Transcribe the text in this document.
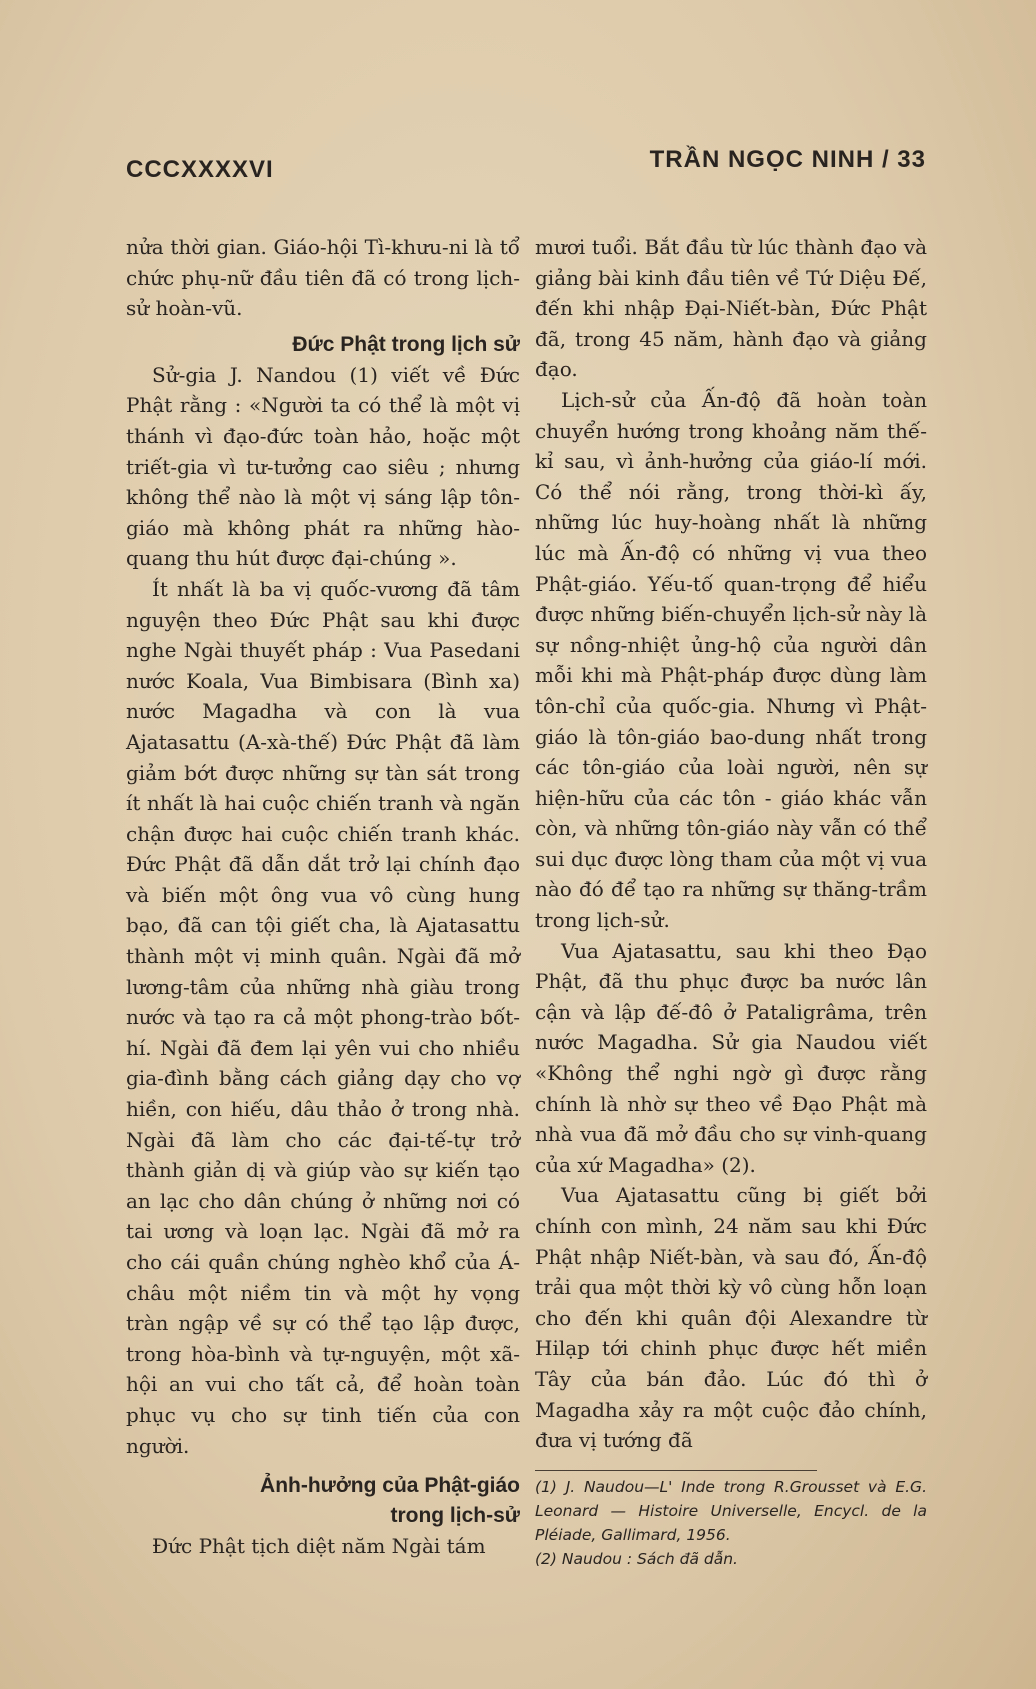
CCCXXXXVI	TRẦN NGỌC NINH / 33

nửa thời gian. Giáo-hội Tì-khưu-ni là tổ chức phụ-nữ đầu tiên đã có trong lịch-sử hoàn-vũ.

Đức Phật trong lịch sử

Sử-gia J. Nandou (1) viết về Đức Phật rằng : «Người ta có thể là một vị thánh vì đạo-đức toàn hảo, hoặc một triết-gia vì tư-tưởng cao siêu ; nhưng không thể nào là một vị sáng lập tôn-giáo mà không phát ra những hào-quang thu hút được đại-chúng ».

Ít nhất là ba vị quốc-vương đã tâm nguyện theo Đức Phật sau khi được nghe Ngài thuyết pháp : Vua Pasedani nước Koala, Vua Bimbisara (Bình xa) nước Magadha và con là vua Ajatasattu (A-xà-thế) Đức Phật đã làm giảm bớt được những sự tàn sát trong ít nhất là hai cuộc chiến tranh và ngăn chận được hai cuộc chiến tranh khác. Đức Phật đã dẫn dắt trở lại chính đạo và biến một ông vua vô cùng hung bạo, đã can tội giết cha, là Ajatasattu thành một vị minh quân. Ngài đã mở lương-tâm của những nhà giàu trong nước và tạo ra cả một phong-trào bốt-hí. Ngài đã đem lại yên vui cho nhiều gia-đình bằng cách giảng dạy cho vợ hiền, con hiếu, dâu thảo ở trong nhà. Ngài đã làm cho các đại-tế-tự trở thành giản dị và giúp vào sự kiến tạo an lạc cho dân chúng ở những nơi có tai ương và loạn lạc. Ngài đã mở ra cho cái quần chúng nghèo khổ của Á-châu một niềm tin và một hy vọng tràn ngập về sự có thể tạo lập được, trong hòa-bình và tự-nguyện, một xã-hội an vui cho tất cả, để hoàn toàn phục vụ cho sự tinh tiến của con người.

Ảnh-hưởng của Phật-giáo
trong lịch-sử

Đức Phật tịch diệt năm Ngài tám

mươi tuổi. Bắt đầu từ lúc thành đạo và giảng bài kinh đầu tiên về Tứ Diệu Đế, đến khi nhập Đại-Niết-bàn, Đức Phật đã, trong 45 năm, hành đạo và giảng đạo.

Lịch-sử của Ấn-độ đã hoàn toàn chuyển hướng trong khoảng năm thế-kỉ sau, vì ảnh-hưởng của giáo-lí mới. Có thể nói rằng, trong thời-kì ấy, những lúc huy-hoàng nhất là những lúc mà Ấn-độ có những vị vua theo Phật-giáo. Yếu-tố quan-trọng để hiểu được những biến-chuyển lịch-sử này là sự nồng-nhiệt ủng-hộ của người dân mỗi khi mà Phật-pháp được dùng làm tôn-chỉ của quốc-gia. Nhưng vì Phật-giáo là tôn-giáo bao-dung nhất trong các tôn-giáo của loài người, nên sự hiện-hữu của các tôn - giáo khác vẫn còn, và những tôn-giáo này vẫn có thể sui dục được lòng tham của một vị vua nào đó để tạo ra những sự thăng-trầm trong lịch-sử.

Vua Ajatasattu, sau khi theo Đạo Phật, đã thu phục được ba nước lân cận và lập đế-đô ở Pataligrâma, trên nước Magadha. Sử gia Naudou viết «Không thể nghi ngờ gì được rằng chính là nhờ sự theo về Đạo Phật mà nhà vua đã mở đầu cho sự vinh-quang của xứ Magadha» (2).

Vua Ajatasattu cũng bị giết bởi chính con mình, 24 năm sau khi Đức Phật nhập Niết-bàn, và sau đó, Ấn-độ trải qua một thời kỳ vô cùng hỗn loạn cho đến khi quân đội Alexandre từ Hilạp tới chinh phục được hết miền Tây của bán đảo. Lúc đó thì ở Magadha xảy ra một cuộc đảo chính, đưa vị tướng đã

(1) J. Naudou—L' Inde trong R.Grousset và E.G. Leonard — Histoire Universelle, Encycl. de la Pléiade, Gallimard, 1956.

(2) Naudou : Sách đã dẫn.
